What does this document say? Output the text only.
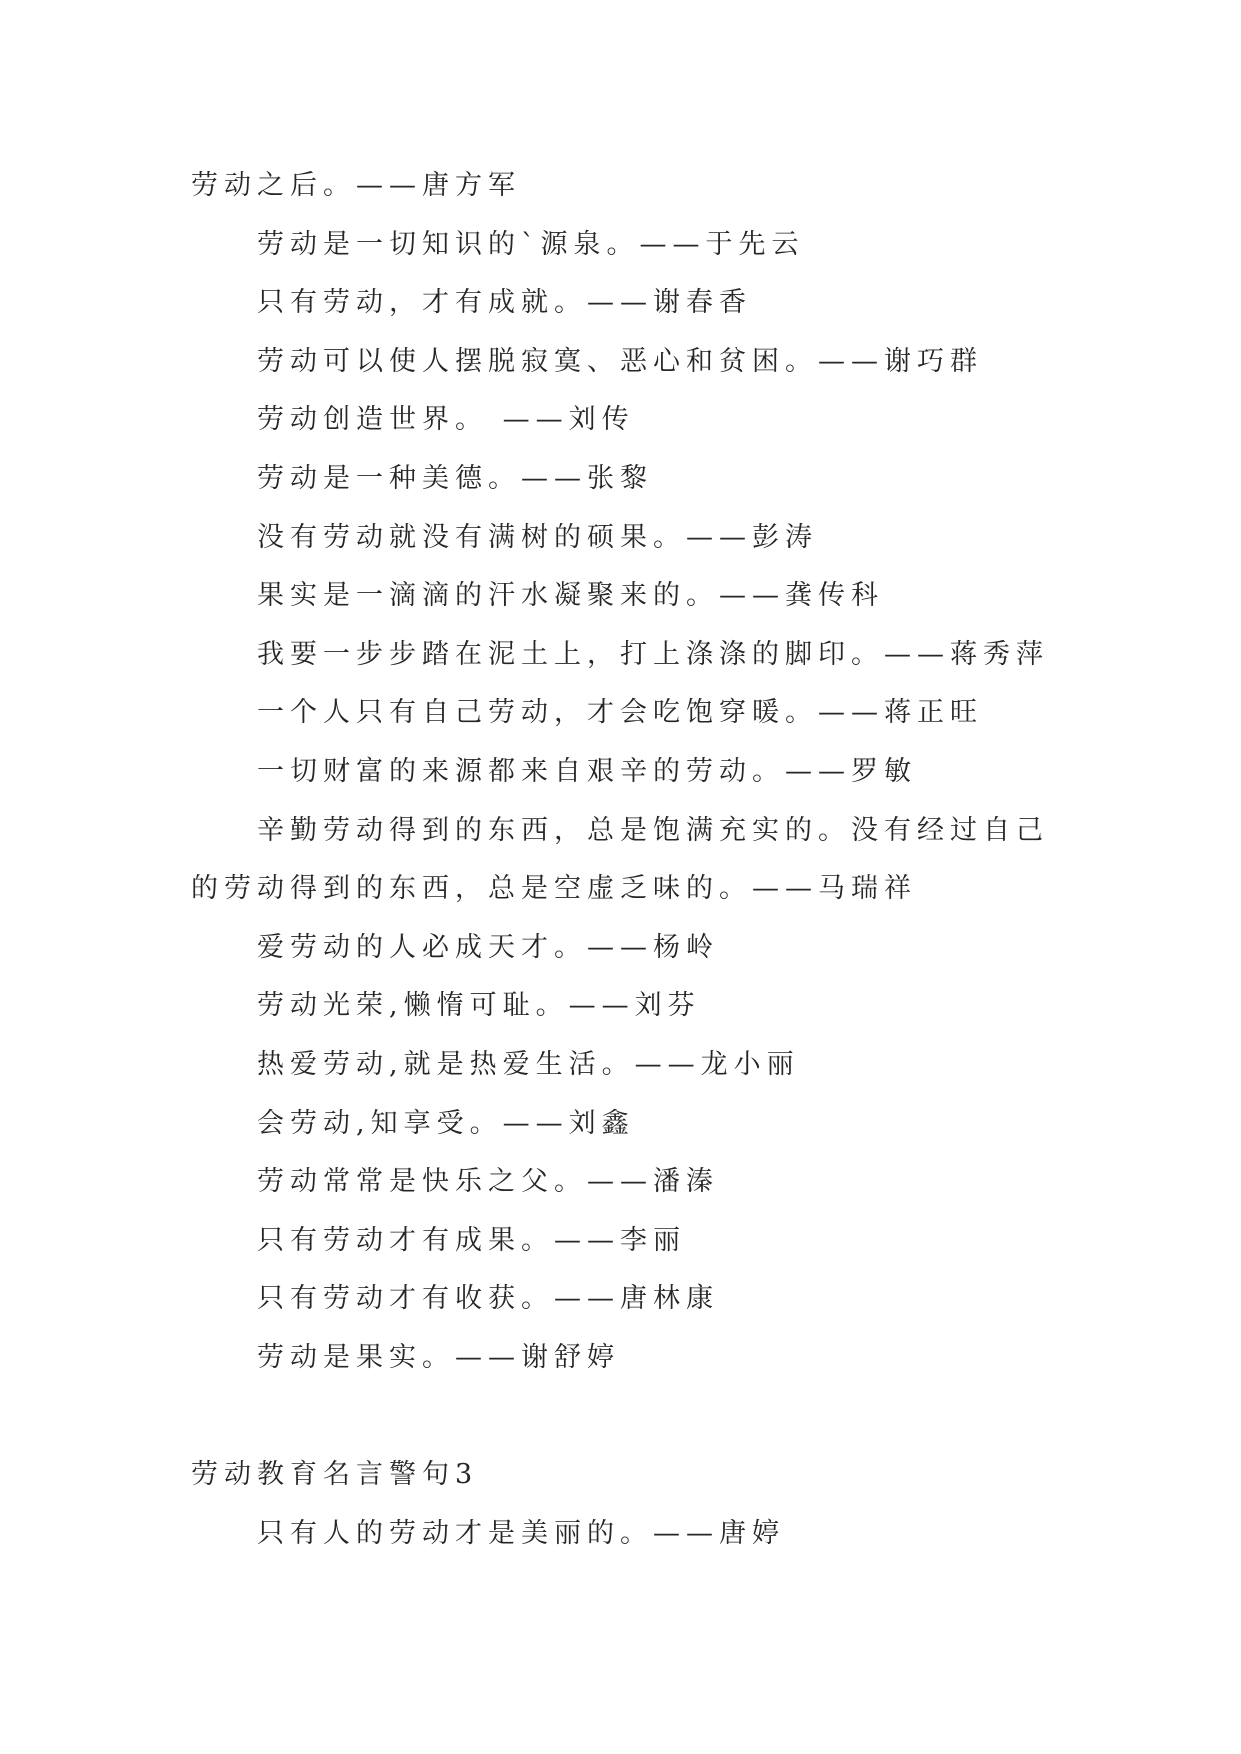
劳动之后。——唐方军

劳动是一切知识的`源泉。——于先云

只有劳动，才有成就。——谢春香

劳动可以使人摆脱寂寞、恶心和贫困。——谢巧群

劳动创造世界。 ——刘传

劳动是一种美德。——张黎

没有劳动就没有满树的硕果。——彭涛

果实是一滴滴的汗水凝聚来的。——龚传科

我要一步步踏在泥土上，打上涤涤的脚印。——蒋秀萍

一个人只有自己劳动，才会吃饱穿暖。——蒋正旺

一切财富的来源都来自艰辛的劳动。——罗敏

辛勤劳动得到的东西，总是饱满充实的。没有经过自己的劳动得到的东西，总是空虚乏味的。——马瑞祥

爱劳动的人必成天才。——杨岭

劳动光荣,懒惰可耻。——刘芬

热爱劳动,就是热爱生活。——龙小丽

会劳动,知享受。——刘鑫

劳动常常是快乐之父。——潘溱

只有劳动才有成果。——李丽

只有劳动才有收获。——唐林康

劳动是果实。——谢舒婷

劳动教育名言警句3

只有人的劳动才是美丽的。——唐婷
